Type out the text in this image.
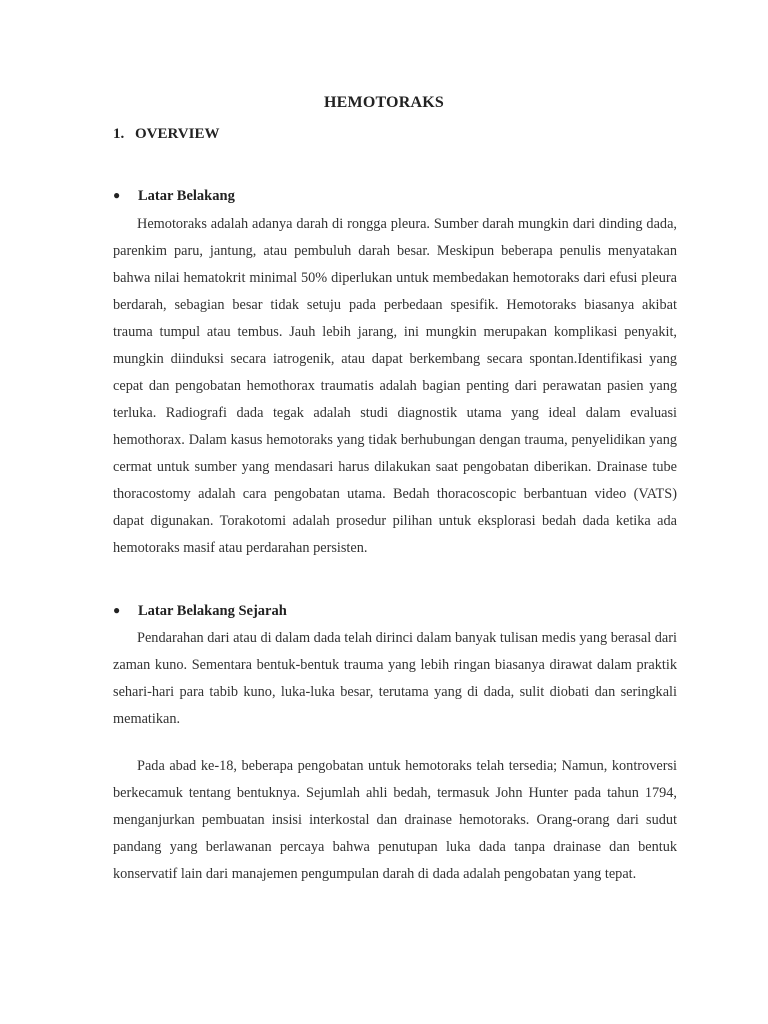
HEMOTORAKS
1. OVERVIEW
● Latar Belakang

Hemotoraks adalah adanya darah di rongga pleura. Sumber darah mungkin dari dinding dada, parenkim paru, jantung, atau pembuluh darah besar. Meskipun beberapa penulis menyatakan bahwa nilai hematokrit minimal 50% diperlukan untuk membedakan hemotoraks dari efusi pleura berdarah, sebagian besar tidak setuju pada perbedaan spesifik. Hemotoraks biasanya akibat trauma tumpul atau tembus. Jauh lebih jarang, ini mungkin merupakan komplikasi penyakit, mungkin diinduksi secara iatrogenik, atau dapat berkembang secara spontan.Identifikasi yang cepat dan pengobatan hemothorax traumatis adalah bagian penting dari perawatan pasien yang terluka. Radiografi dada tegak adalah studi diagnostik utama yang ideal dalam evaluasi hemothorax. Dalam kasus hemotoraks yang tidak berhubungan dengan trauma, penyelidikan yang cermat untuk sumber yang mendasari harus dilakukan saat pengobatan diberikan. Drainase tube thoracostomy adalah cara pengobatan utama. Bedah thoracoscopic berbantuan video (VATS) dapat digunakan. Torakotomi adalah prosedur pilihan untuk eksplorasi bedah dada ketika ada hemotoraks masif atau perdarahan persisten.

● Latar Belakang Sejarah

Pendarahan dari atau di dalam dada telah dirinci dalam banyak tulisan medis yang berasal dari zaman kuno. Sementara bentuk-bentuk trauma yang lebih ringan biasanya dirawat dalam praktik sehari-hari para tabib kuno, luka-luka besar, terutama yang di dada, sulit diobati dan seringkali mematikan.

Pada abad ke-18, beberapa pengobatan untuk hemotoraks telah tersedia; Namun, kontroversi berkecamuk tentang bentuknya. Sejumlah ahli bedah, termasuk John Hunter pada tahun 1794, menganjurkan pembuatan insisi interkostal dan drainase hemotoraks. Orang-orang dari sudut pandang yang berlawanan percaya bahwa penutupan luka dada tanpa drainase dan bentuk konservatif lain dari manajemen pengumpulan darah di dada adalah pengobatan yang tepat.
